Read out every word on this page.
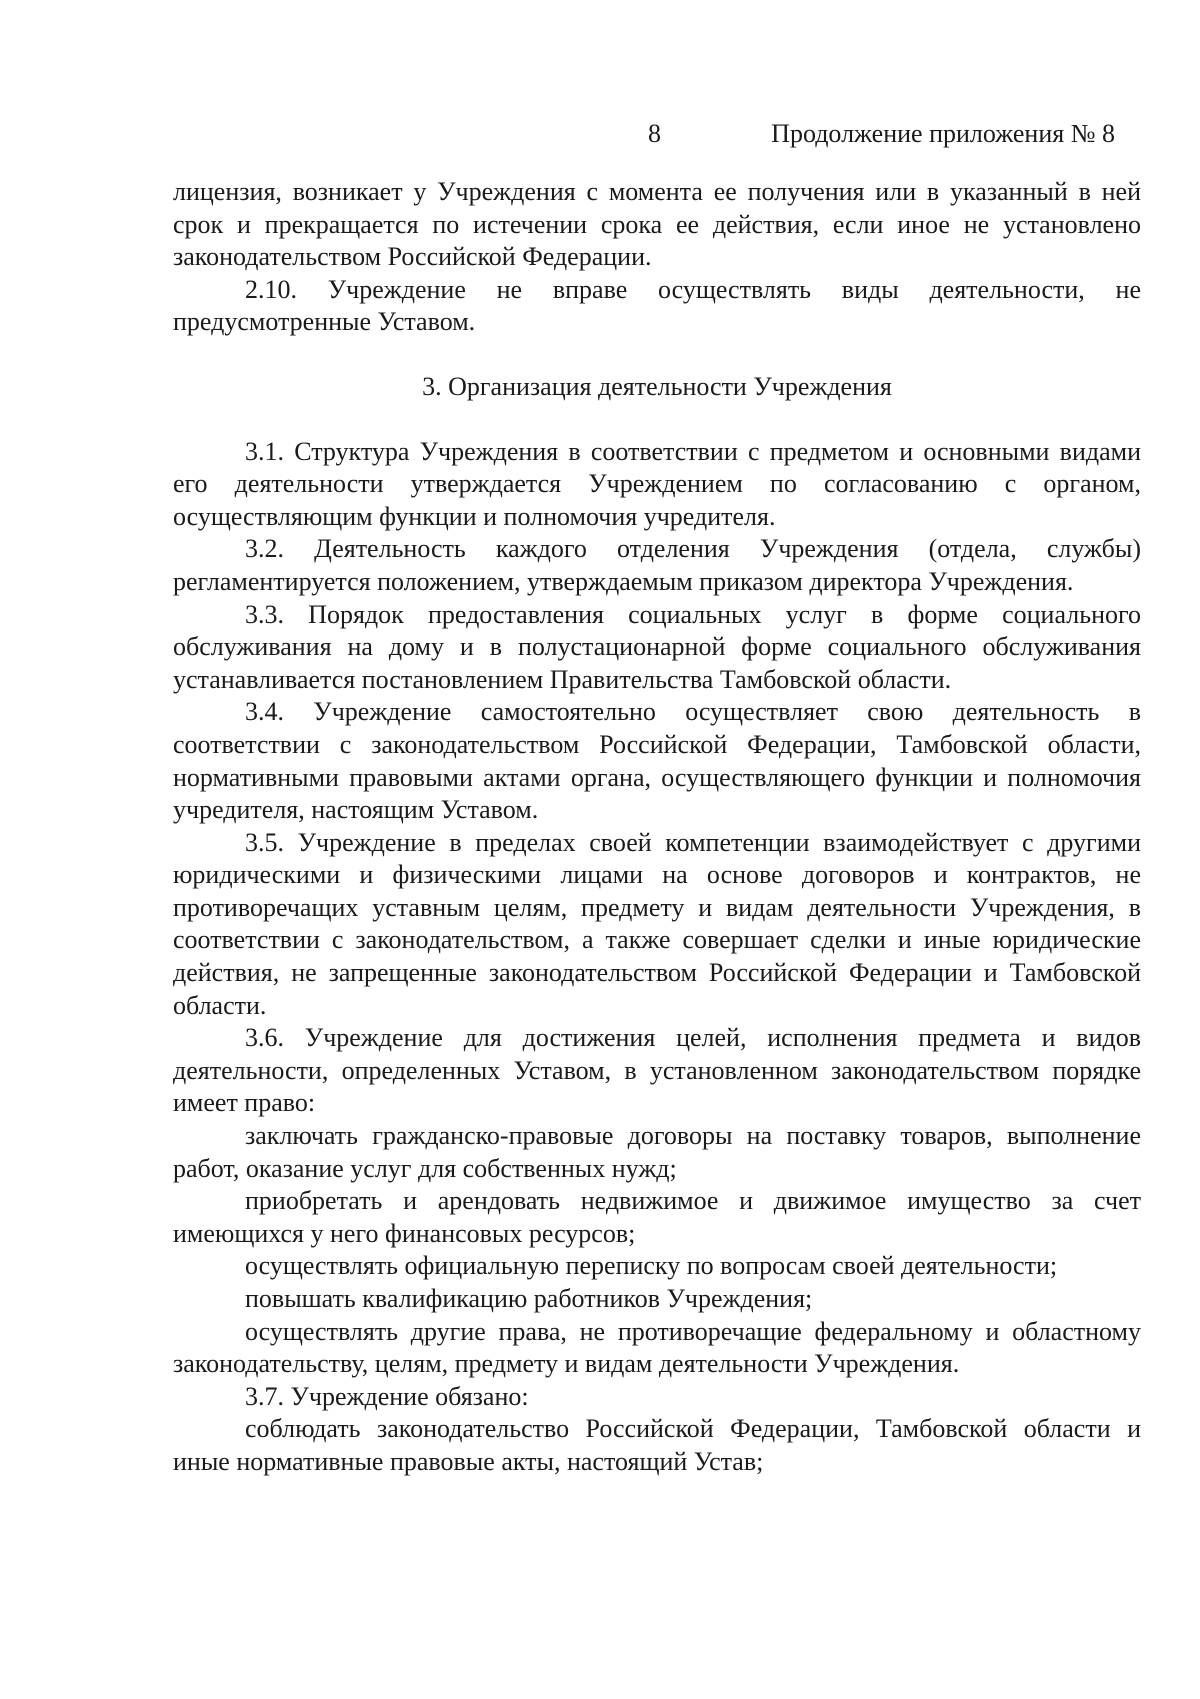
8	Продолжение приложения № 8

лицензия, возникает у Учреждения с момента ее получения или в указанный в ней срок и прекращается по истечении срока ее действия, если иное не установлено законодательством Российской Федерации.

2.10. Учреждение не вправе осуществлять виды деятельности, не предусмотренные Уставом.

3. Организация деятельности Учреждения

3.1. Структура Учреждения в соответствии с предметом и основными видами его деятельности утверждается Учреждением по согласованию с органом, осуществляющим функции и полномочия учредителя.

3.2. Деятельность каждого отделения Учреждения (отдела, службы) регламентируется положением, утверждаемым приказом директора Учреждения.

3.3. Порядок предоставления социальных услуг в форме социального обслуживания на дому и в полустационарной форме социального обслуживания устанавливается постановлением Правительства Тамбовской области.

3.4. Учреждение самостоятельно осуществляет свою деятельность в соответствии с законодательством Российской Федерации, Тамбовской области, нормативными правовыми актами органа, осуществляющего функции и полномочия учредителя, настоящим Уставом.

3.5. Учреждение в пределах своей компетенции взаимодействует с другими юридическими и физическими лицами на основе договоров и контрактов, не противоречащих уставным целям, предмету и видам деятельности Учреждения, в соответствии с законодательством, а также совершает сделки и иные юридические действия, не запрещенные законодательством Российской Федерации и Тамбовской области.

3.6. Учреждение для достижения целей, исполнения предмета и видов деятельности, определенных Уставом, в установленном законодательством порядке имеет право:

заключать гражданско-правовые договоры на поставку товаров, выполнение работ, оказание услуг для собственных нужд;

приобретать и арендовать недвижимое и движимое имущество за счет имеющихся у него финансовых ресурсов;

осуществлять официальную переписку по вопросам своей деятельности;

повышать квалификацию работников Учреждения;

осуществлять другие права, не противоречащие федеральному и областному законодательству, целям, предмету и видам деятельности Учреждения.

3.7. Учреждение обязано:

соблюдать законодательство Российской Федерации, Тамбовской области и иные нормативные правовые акты, настоящий Устав;
